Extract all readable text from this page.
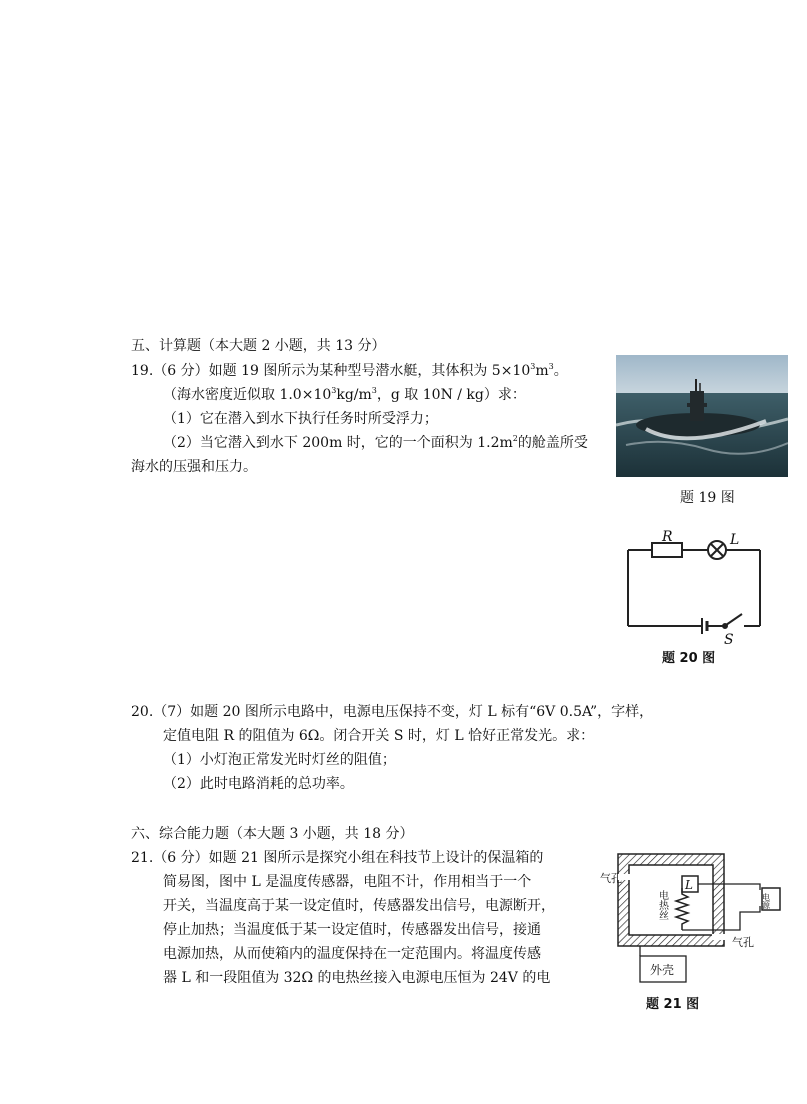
五、计算题（本大题 2 小题，共 13 分）
19.（6 分）如题 19 图所示为某种型号潜水艇，其体积为 $5\times 10^3m^3$。
（海水密度近似取 $1.0\times 10^3kg/m^3$，g 取 10N / kg）求：
（1）它在潜入到水下执行任务时所受浮力；
（2）当它潜入到水下 200m 时，它的一个面积为 $1.2m^2$的舱盖所受
海水的压强和压力。
题 19 图
R	L
S
题 20 图
20.（7）如题 20 图所示电路中，电源电压保持不变，灯 L 标有“6V 0.5A”，字样，
定值电阻 R 的阻值为 6Ω。闭合开关 S 时，灯 L 恰好正常发光。求：
（1）小灯泡正常发光时灯丝的阻值；
（2）此时电路消耗的总功率。
六、综合能力题（本大题 3 小题，共 18 分）
21.（6 分）如题 21 图所示是探究小组在科技节上设计的保温箱的
简易图，图中 L 是温度传感器，电阻不计，作用相当于一个
开关，当温度高于某一设定值时，传感器发出信号，电源断开，
停止加热；当温度低于某一设定值时，传感器发出信号，接通
电源加热，从而使箱内的温度保持在一定范围内。将温度传感
器 L 和一段阻值为 32Ω 的电热丝接入电源电压恒为 24V 的电
气孔
电热丝
L
电源
气孔
外壳
题 21 图
